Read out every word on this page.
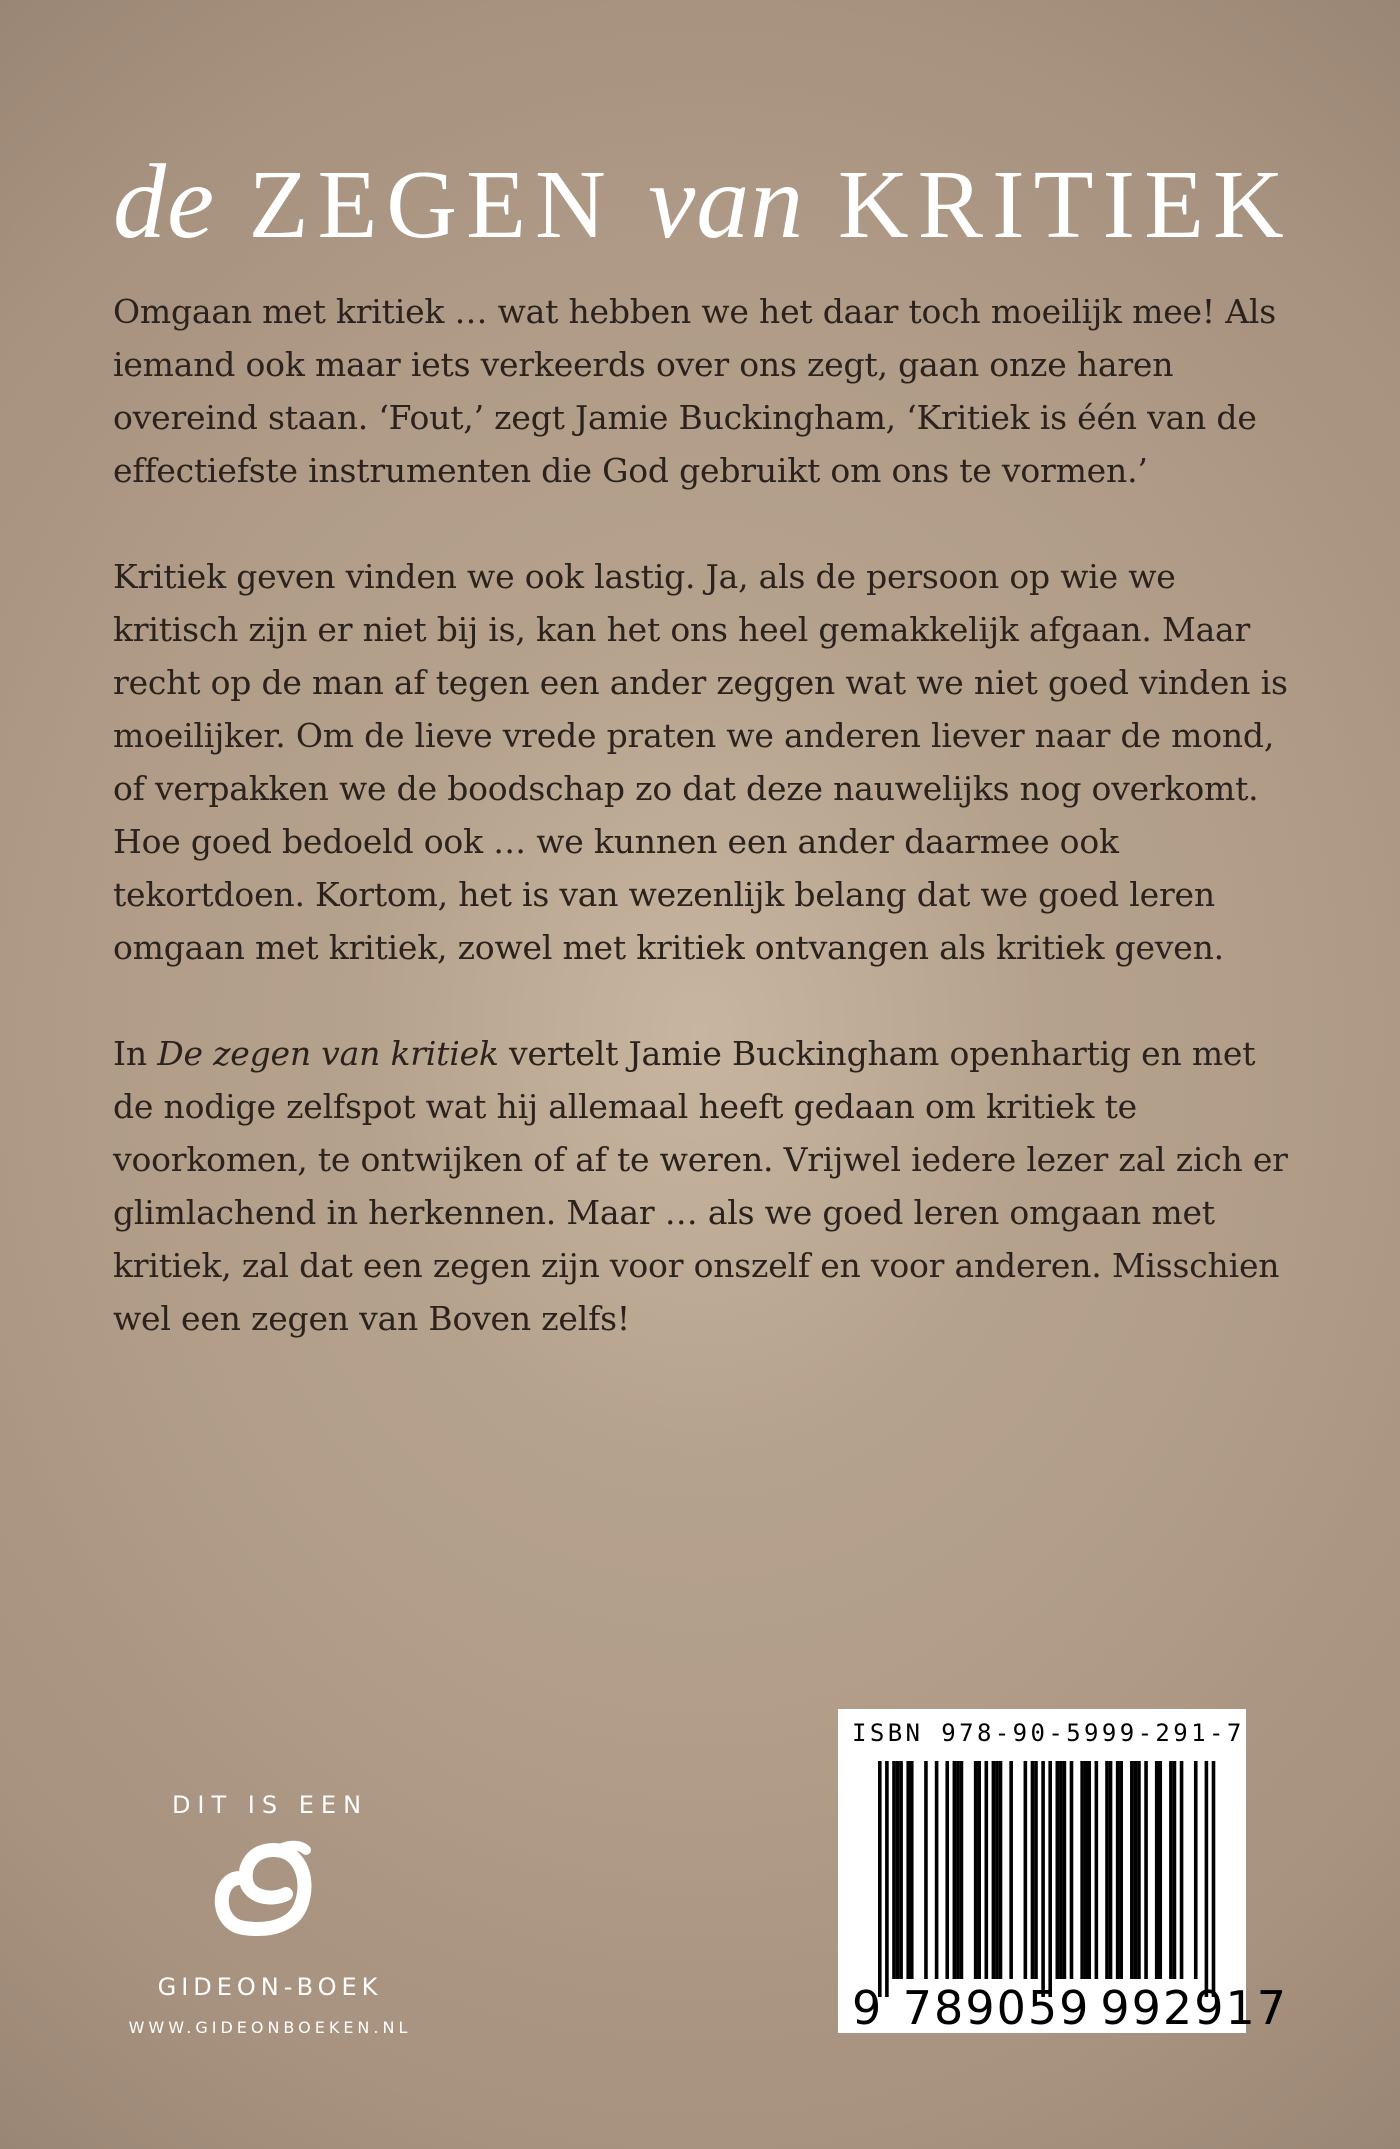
de ZEGEN van KRITIEK

Omgaan met kritiek … wat hebben we het daar toch moeilijk mee! Als iemand ook maar iets verkeerds over ons zegt, gaan onze haren overeind staan. ‘Fout,’ zegt Jamie Buckingham, ‘Kritiek is één van de effectiefste instrumenten die God gebruikt om ons te vormen.’

Kritiek geven vinden we ook lastig. Ja, als de persoon op wie we kritisch zijn er niet bij is, kan het ons heel gemakkelijk afgaan. Maar recht op de man af tegen een ander zeggen wat we niet goed vinden is moeilijker. Om de lieve vrede praten we anderen liever naar de mond, of verpakken we de boodschap zo dat deze nauwelijks nog overkomt. Hoe goed bedoeld ook … we kunnen een ander daarmee ook tekortdoen. Kortom, het is van wezenlijk belang dat we goed leren omgaan met kritiek, zowel met kritiek ontvangen als kritiek geven.

In De zegen van kritiek vertelt Jamie Buckingham openhartig en met de nodige zelfspot wat hij allemaal heeft gedaan om kritiek te voorkomen, te ontwijken of af te weren. Vrijwel iedere lezer zal zich er glimlachend in herkennen. Maar … als we goed leren omgaan met kritiek, zal dat een zegen zijn voor onszelf en voor anderen. Misschien wel een zegen van Boven zelfs!

DIT IS EEN
GIDEON-BOEK
WWW.GIDEONBOEKEN.NL
ISBN 978-90-5999-291-7
9 789059 992917
